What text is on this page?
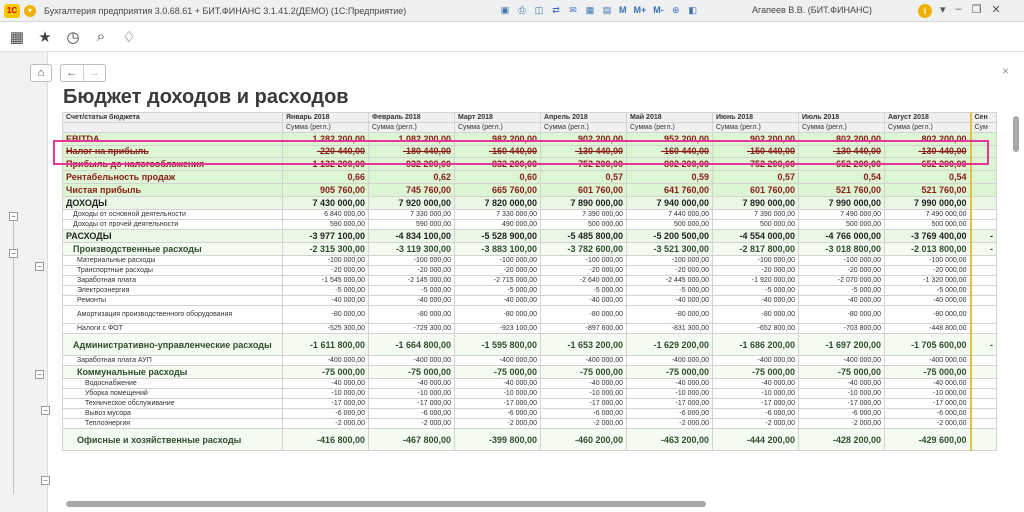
1С	▾	Бухгалтерия предприятия 3.0.68.61 + БИТ.ФИНАНС 3.1.41.2(ДЕМО) (1С:Предприятие)	▣	⎙	◫ ⇄	✉ ▦ ▤ M M+ M- ⊕ ◧	Агапеев В.В. (БИТ.ФИНАНС)	i	▾ – ❐ ✕
▦ ★ ◷	⌕	♢
⌂	←	→	×
Бюджет доходов и расходов
−
−
−
−
−
−
Счет/статья бюджета	Январь 2018	Февраль 2018	Март 2018	Апрель 2018	Май 2018	Июнь 2018	Июль 2018	Август 2018	Сен
	Сумма (регл.)	Сумма (регл.)	Сумма (регл.)	Сумма (регл.)	Сумма (регл.)	Сумма (регл.)	Сумма (регл.)	Сумма (регл.)	Сум
EBITDA	1 282 200,00	1 082 200,00	982 200,00	902 200,00	952 200,00	902 200,00	802 200,00	802 200,00	
Налог на прибыль	-220 440,00	-180 440,00	-160 440,00	-130 440,00	-160 440,00	-150 440,00	-130 440,00	-130 440,00	
Прибыль до налогообложения	1 132 200,00	932 200,00	832 200,00	752 200,00	802 200,00	752 200,00	652 200,00	652 200,00	
Рентабельность продаж	0,66	0,62	0,60	0,57	0,59	0,57	0,54	0,54	
Чистая прибыль	905 760,00	745 760,00	665 760,00	601 760,00	641 760,00	601 760,00	521 760,00	521 760,00	
ДОХОДЫ	7 430 000,00	7 920 000,00	7 820 000,00	7 890 000,00	7 940 000,00	7 890 000,00	7 990 000,00	7 990 000,00	
Доходы от основной деятельности	6 840 000,00	7 330 000,00	7 330 000,00	7 390 000,00	7 440 000,00	7 390 000,00	7 490 000,00	7 490 000,00	
Доходы от прочей деятельности	590 000,00	590 000,00	490 000,00	500 000,00	500 000,00	500 000,00	500 000,00	500 000,00	
РАСХОДЫ	-3 977 100,00	-4 834 100,00	-5 528 900,00	-5 485 800,00	-5 200 500,00	-4 554 000,00	-4 766 000,00	-3 769 400,00	-
Производственные расходы	-2 315 300,00	-3 119 300,00	-3 883 100,00	-3 782 600,00	-3 521 300,00	-2 817 800,00	-3 018 800,00	-2 013 800,00	-
Материальные расходы	-100 000,00	-100 000,00	-100 000,00	-100 000,00	-100 000,00	-100 000,00	-100 000,00	-100 000,00	
Транспортные расходы	-20 000,00	-20 000,00	-20 000,00	-20 000,00	-20 000,00	-20 000,00	-20 000,00	-20 000,00	
Заработная плата	-1 545 000,00	-2 145 000,00	-2 715 000,00	-2 640 000,00	-2 445 000,00	-1 920 000,00	-2 070 000,00	-1 320 000,00	
Электроэнергия	-5 000,00	-5 000,00	-5 000,00	-5 000,00	-5 000,00	-5 000,00	-5 000,00	-5 000,00	
Ремонты	-40 000,00	-40 000,00	-40 000,00	-40 000,00	-40 000,00	-40 000,00	-40 000,00	-40 000,00	
Амортизация производственного оборудования	-80 000,00	-80 000,00	-80 000,00	-80 000,00	-80 000,00	-80 000,00	-80 000,00	-80 000,00	
Налоги с ФОТ	-525 300,00	-729 300,00	-923 100,00	-897 600,00	-831 300,00	-652 800,00	-703 800,00	-448 800,00	
Административно-управленческие расходы	-1 611 800,00	-1 664 800,00	-1 595 800,00	-1 653 200,00	-1 629 200,00	-1 686 200,00	-1 697 200,00	-1 705 600,00	-
Заработная плата АУП	-400 000,00	-400 000,00	-400 000,00	-400 000,00	-400 000,00	-400 000,00	-400 000,00	-400 000,00	
Коммунальные расходы	-75 000,00	-75 000,00	-75 000,00	-75 000,00	-75 000,00	-75 000,00	-75 000,00	-75 000,00	
Водоснабжение	-40 000,00	-40 000,00	-40 000,00	-40 000,00	-40 000,00	-40 000,00	-40 000,00	-40 000,00	
Уборка помещений	-10 000,00	-10 000,00	-10 000,00	-10 000,00	-10 000,00	-10 000,00	-10 000,00	-10 000,00	
Техническое обслуживание	-17 000,00	-17 000,00	-17 000,00	-17 000,00	-17 000,00	-17 000,00	-17 000,00	-17 000,00	
Вывоз мусора	-6 000,00	-6 000,00	-6 000,00	-6 000,00	-6 000,00	-6 000,00	-6 000,00	-6 000,00	
Теплоэнергия	-2 000,00	-2 000,00	-2 000,00	-2 000,00	-2 000,00	-2 000,00	-2 000,00	-2 000,00	
Офисные и хозяйственные расходы	-416 800,00	-467 800,00	-399 800,00	-460 200,00	-463 200,00	-444 200,00	-428 200,00	-429 600,00	
